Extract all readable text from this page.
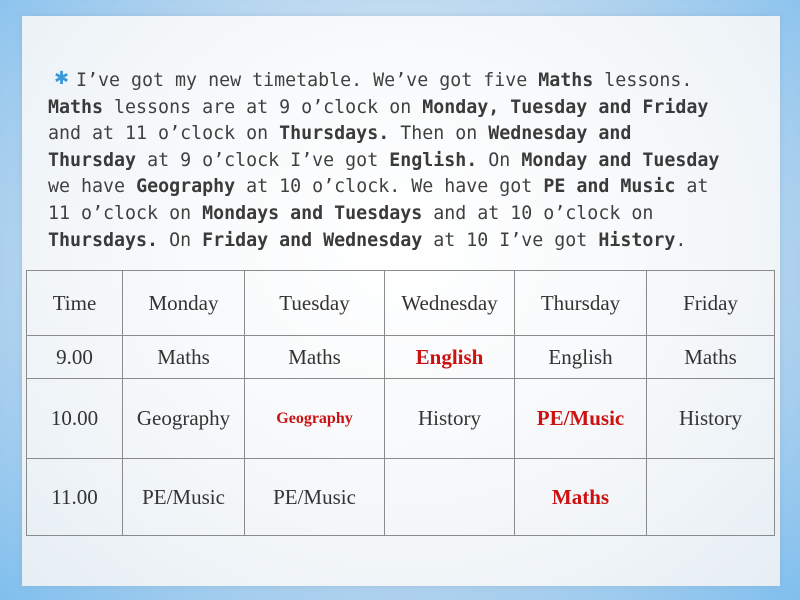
✱ I’ve got my new timetable. We’ve got five Maths lessons.
Maths lessons are at 9 o’clock on Monday, Tuesday and Friday
and at 11 o’clock on Thursdays. Then on Wednesday and
Thursday at 9 o’clock I’ve got English. On Monday and Tuesday
we have Geography at 10 o’clock. We have got PE and Music at
11 o’clock on Mondays and Tuesdays and at 10 o’clock on
Thursdays. On Friday and Wednesday at 10 I’ve got History.
Time	Monday	Tuesday	Wednesday	Thursday	Friday
9.00	Maths	Maths	English	English	Maths
10.00	Geography	Geography	History	PE/Music	History
11.00	PE/Music	PE/Music		Maths	
